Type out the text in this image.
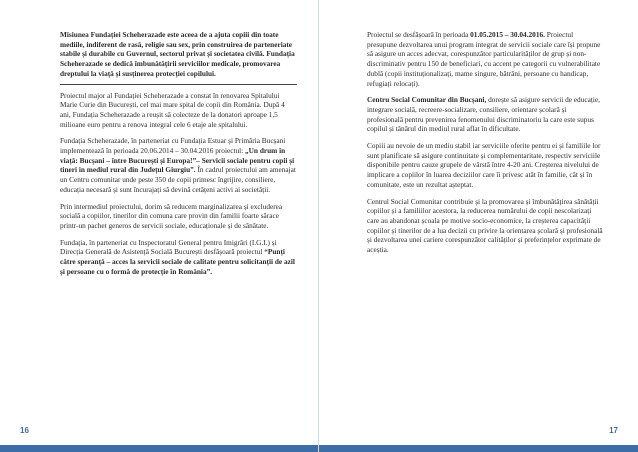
Misiunea Fundației Scheherazade este aceea de a ajuta copiii din toate mediile, indiferent de rasă, religie sau sex, prin construirea de parteneriate stabile și durabile cu Guvernul, sectorul privat și societatea civilă. Fundația Scheherazade se dedică îmbunătățirii serviciilor medicale, promovarea dreptului la viață și susținerea protecției copilului.

Proiectul major al Fundației Scheherazade a constat în renovarea Spitalului Marie Curie din București, cel mai mare spital de copii din România. După 4 ani, Fundația Scheherazade a reușit să colecteze de la donatori aproape 1,5 milioane euro pentru a renova integral cele 6 etaje ale spitalului.

Fundația Scheherazade, în parteneriat cu Fundația Estuar și Primăria Bucșani implementează în perioada 20.06.2014 – 30.04.2016 proiectul: „Un drum în viață: Bucșani – între București și Europa!”– Servicii sociale pentru copii și tineri in mediul rural din Județul Giurgiu”. În cadrul proiectului am amenajat un Centru comunitar unde peste 350 de copii primesc îngrijire, consiliere, educația necesară și sunt încurajați să devină cetățeni activi ai societății.

Prin intermediul proiectului, dorim să reducem marginalizarea și excluderea socială a copiilor, tinerilor din comuna care provin din familii foarte sărace printr-un pachet generos de servicii sociale, educaționale și de sănătate.

Fundația, în parteneriat cu Inspectoratul General pentru Imigrări (I.G.I.) și Direcția Generală de Asistență Socială București desfășoară proiectul “Punți către speranță – acces la servicii sociale de calitate pentru solicitanții de azil și persoane cu o formă de protecție în România”.

16

Proiectul se desfășoară în perioada 01.05.2015 – 30.04.2016. Proiectul presupune dezvoltarea unui program integrat de servicii sociale care își propune să asigure un acces adecvat, corespunzător particularităților de grup și non-discriminativ pentru 150 de beneficiari, cu accent pe categorii cu vulnerabilitate dublă (copii instituționalizați, mame singure, bătrâni, persoane cu handicap, refugiați relocați).

Centru Social Comunitar din Bucșani, dorește să asigure servicii de educație, integrare socială, recreere-socializare, consiliere, orientare școlară și profesională pentru prevenirea fenomenului discriminatoriu la care este supus copilul și tânărul din mediul rural aflat în dificultate.

Copiii au nevoie de un mediu stabil iar serviciile oferite pentru ei și familiile lor sunt planificate să asigure continuitate și complementaritate, respectiv serviciile disponibile pentru cauze grupele de vârstă între 4-20 ani. Creșterea nivelului de implicare a copiilor în luarea deciziilor care îi privesc atât în familie, cât și în comunitate, este un rezultat așteptat.

Centrul Social Comunitar contribuie și la promovarea și îmbunătățirea sănătății copiilor și a familiilor acestora, la reducerea numărului de copii nescolarizați care au abandonat școala pe motive socio-economice, la creșterea capacității copiilor și tinerilor de a lua decizii cu privire la orientarea școlară și profesională și dezvoltarea unei cariere corespunzător calităților și preferințelor exprimate de aceștia.

17
